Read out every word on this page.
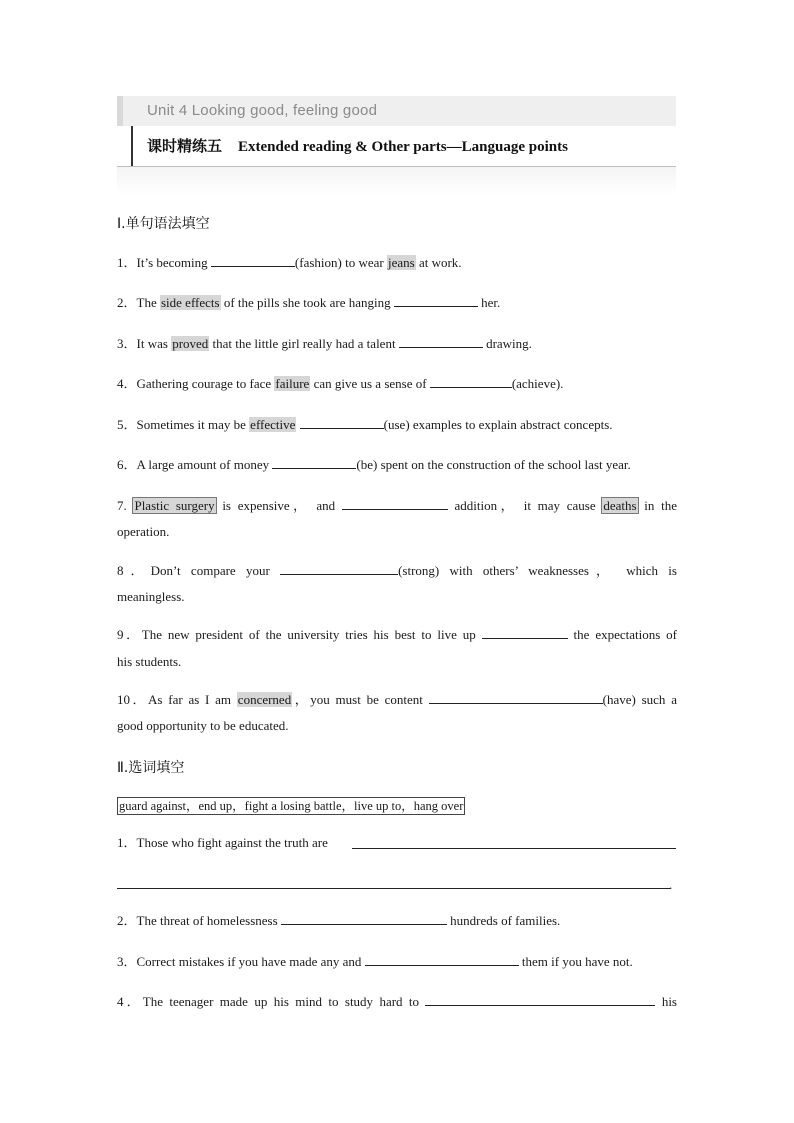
Unit 4 Looking good, feeling good
课时精练五 Extended reading & Other parts—Language points
Ⅰ.单句语法填空
1．It’s becoming	(fashion) to wear jeans at work.
2．The side effects of the pills she took are hanging	her.
3．It was proved that the little girl really had a talent	drawing.
4．Gathering courage to face failure can give us a sense of	(achieve).
5．Sometimes it may be effective	(use) examples to explain abstract concepts.
6．A large amount of money	(be) spent on the construction of the school last year.
7. Plastic surgery is expensive， and	addition， it may cause deaths in the
operation.
8．Don’t compare your	(strong) with others’ weaknesses， which is
meaningless.
9．The new president of the university tries his best to live up	the expectations of
his students.
10．As far as I am concerned，you must be content	(have) such a
good opportunity to be educated.
Ⅱ.选词填空
guard against，end up，fight a losing battle，live up to，hang over
1．Those who fight against the truth are
.
2．The threat of homelessness	hundreds of families.
3．Correct mistakes if you have made any and	them if you have not.
4．The teenager made up his mind to study hard to	his
